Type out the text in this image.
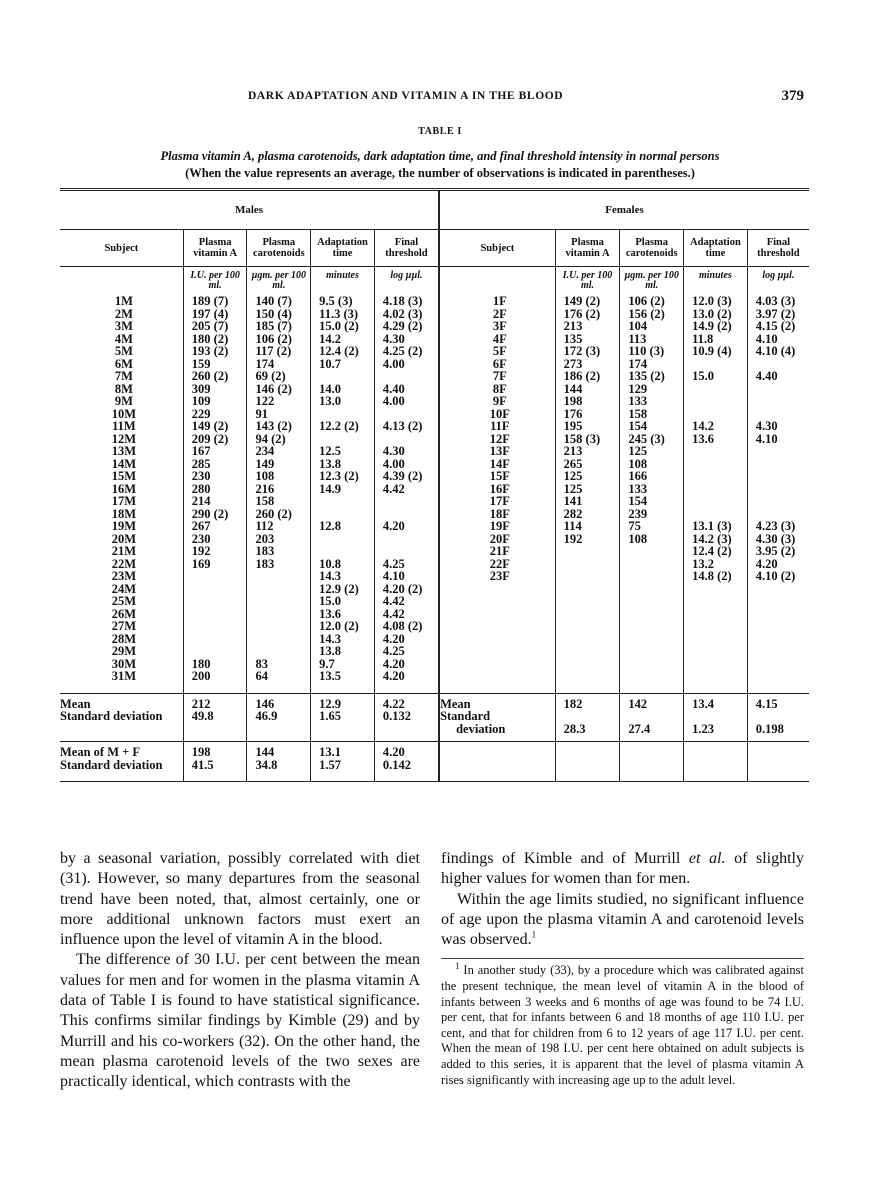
DARK ADAPTATION AND VITAMIN A IN THE BLOOD	379
TABLE I
Plasma vitamin A, plasma carotenoids, dark adaptation time, and final threshold intensity in normal persons
(When the value represents an average, the number of observations is indicated in parentheses.)
Males					Females				
Subject	Plasma vitamin A	Plasma carotenoids	Adaptation time	Final threshold	Subject	Plasma vitamin A	Plasma carotenoids	Adaptation time	Final threshold
	I.U. per 100 ml.	µgm. per 100 ml.	minutes	log µµl.		I.U. per 100 ml.	µgm. per 100 ml.	minutes	log µµl.
1M	189 (7)	140 (7)	9.5 (3)	4.18 (3)	1F	149 (2)	106 (2)	12.0 (3)	4.03 (3)
2M	197 (4)	150 (4)	11.3 (3)	4.02 (3)	2F	176 (2)	156 (2)	13.0 (2)	3.97 (2)
3M	205 (7)	185 (7)	15.0 (2)	4.29 (2)	3F	213	104	14.9 (2)	4.15 (2)
4M	180 (2)	106 (2)	14.2	4.30	4F	135	113	11.8	4.10
5M	193 (2)	117 (2)	12.4 (2)	4.25 (2)	5F	172 (3)	110 (3)	10.9 (4)	4.10 (4)
6M	159	174	10.7	4.00	6F	273	174		
7M	260 (2)	69 (2)			7F	186 (2)	135 (2)	15.0	4.40
8M	309	146 (2)	14.0	4.40	8F	144	129		
9M	109	122	13.0	4.00	9F	198	133		
10M	229	91			10F	176	158		
11M	149 (2)	143 (2)	12.2 (2)	4.13 (2)	11F	195	154	14.2	4.30
12M	209 (2)	94 (2)			12F	158 (3)	245 (3)	13.6	4.10
13M	167	234	12.5	4.30	13F	213	125		
14M	285	149	13.8	4.00	14F	265	108		
15M	230	108	12.3 (2)	4.39 (2)	15F	125	166		
16M	280	216	14.9	4.42	16F	125	133		
17M	214	158			17F	141	154		
18M	290 (2)	260 (2)			18F	282	239		
19M	267	112	12.8	4.20	19F	114	75	13.1 (3)	4.23 (3)
20M	230	203			20F	192	108	14.2 (3)	4.30 (3)
21M	192	183			21F			12.4 (2)	3.95 (2)
22M	169	183	10.8	4.25	22F			13.2	4.20
23M			14.3	4.10	23F			14.8 (2)	4.10 (2)
24M			12.9 (2)	4.20 (2)					
25M			15.0	4.42					
26M			13.6	4.42					
27M			12.0 (2)	4.08 (2)					
28M			14.3	4.20					
29M			13.8	4.25					
30M	180	83	9.7	4.20					
31M	200	64	13.5	4.20					

Mean	212	146	12.9	4.22	Mean	182	142	13.4	4.15
Standard deviation	49.8	46.9	1.65	0.132	Standard				
					deviation	28.3	27.4	1.23	0.198
Mean of M + F	198	144	13.1	4.20					
Standard deviation	41.5	34.8	1.57	0.142					

by a seasonal variation, possibly correlated with diet (31). However, so many departures from the seasonal trend have been noted, that, almost certainly, one or more additional unknown factors must exert an influence upon the level of vitamin A in the blood.

The difference of 30 I.U. per cent between the mean values for men and for women in the plasma vitamin A data of Table I is found to have statistical significance. This confirms similar findings by Kimble (29) and by Murrill and his co-workers (32). On the other hand, the mean plasma carotenoid levels of the two sexes are practically identical, which contrasts with the

findings of Kimble and of Murrill et al. of slightly higher values for women than for men.

Within the age limits studied, no significant influence of age upon the plasma vitamin A and carotenoid levels was observed.$^1$

$^1$ In another study (33), by a procedure which was calibrated against the present technique, the mean level of vitamin A in the blood of infants between 3 weeks and 6 months of age was found to be 74 I.U. per cent, that for infants between 6 and 18 months of age 110 I.U. per cent, and that for children from 6 to 12 years of age 117 I.U. per cent. When the mean of 198 I.U. per cent here obtained on adult subjects is added to this series, it is apparent that the level of plasma vitamin A rises significantly with increasing age up to the adult level.
